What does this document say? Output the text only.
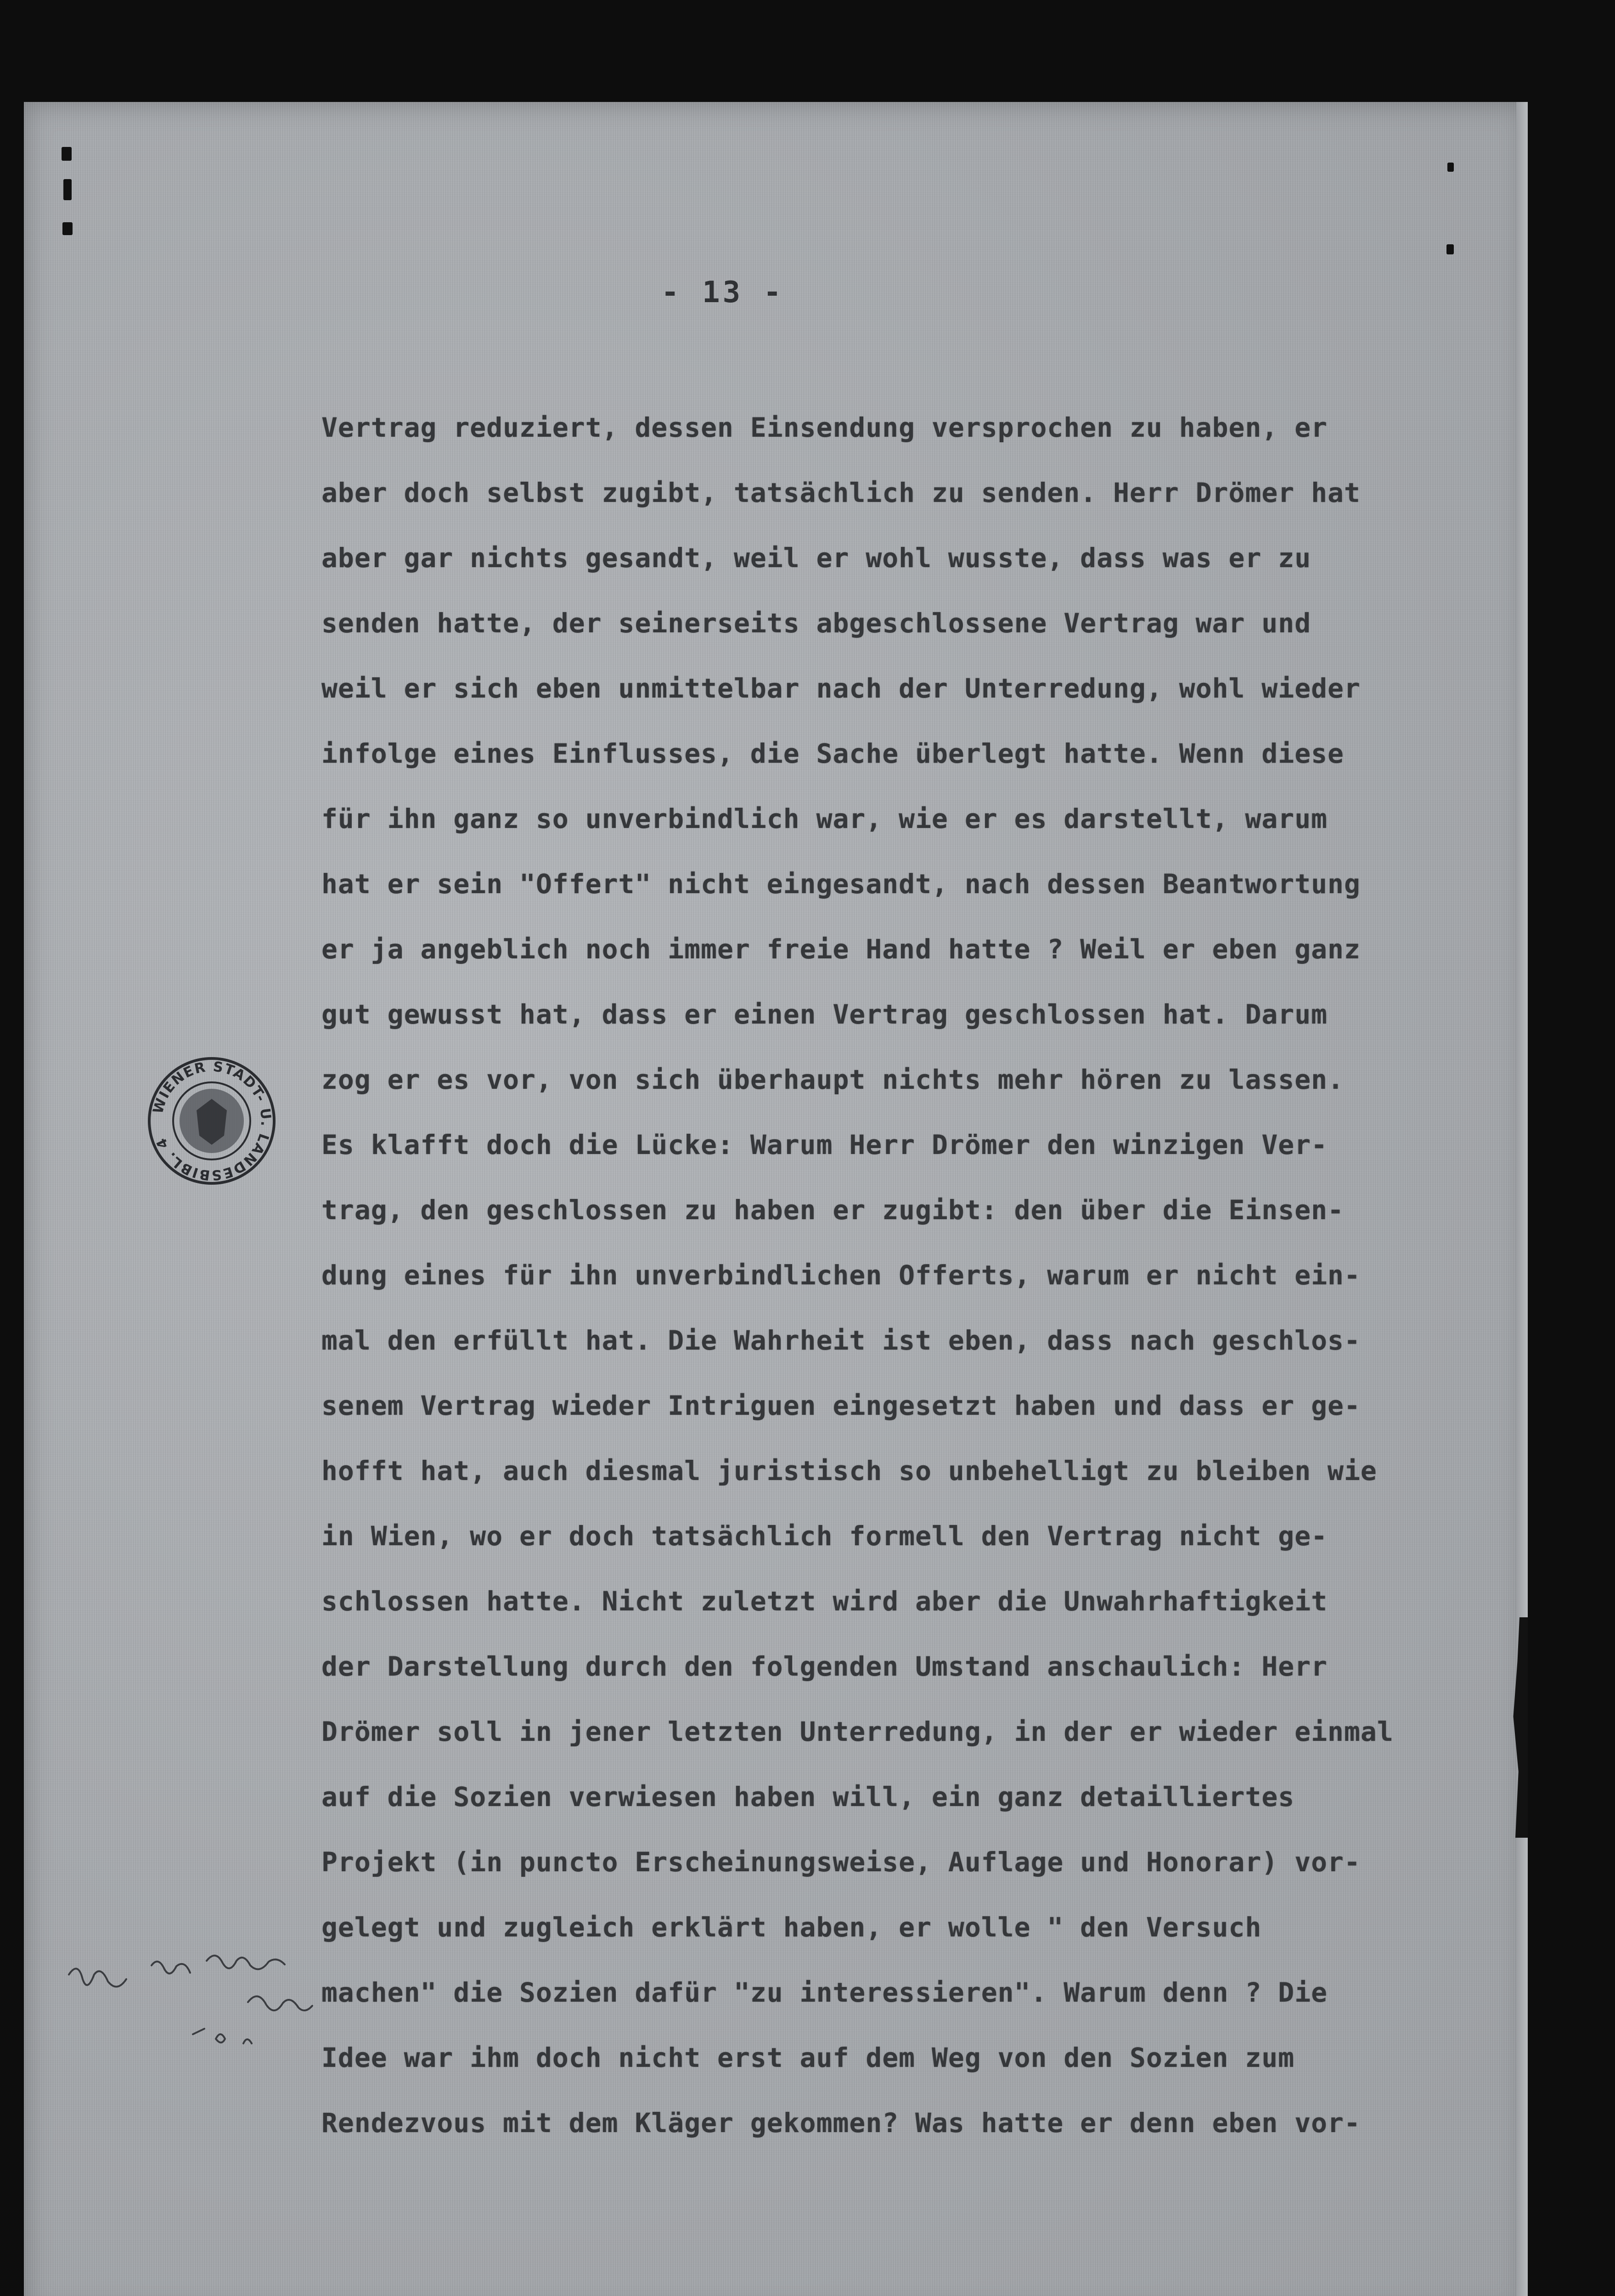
- 13 -
Vertrag reduziert, dessen Einsendung versprochen zu haben, er
aber doch selbst zugibt, tatsächlich zu senden. Herr Drömer hat
aber gar nichts gesandt, weil er wohl wusste, dass was er zu
senden hatte, der seinerseits abgeschlossene Vertrag war und
weil er sich eben unmittelbar nach der Unterredung, wohl wieder
infolge eines Einflusses, die Sache überlegt hatte. Wenn diese
für ihn ganz so unverbindlich war, wie er es darstellt, warum
hat er sein "Offert" nicht eingesandt, nach dessen Beantwortung
er ja angeblich noch immer freie Hand hatte ? Weil er eben ganz
gut gewusst hat, dass er einen Vertrag geschlossen hat. Darum
zog er es vor, von sich überhaupt nichts mehr hören zu lassen.
Es klafft doch die Lücke: Warum Herr Drömer den winzigen Ver-
trag, den geschlossen zu haben er zugibt: den über die Einsen-
dung eines für ihn unverbindlichen Offerts, warum er nicht ein-
mal den erfüllt hat. Die Wahrheit ist eben, dass nach geschlos-
senem Vertrag wieder Intriguen eingesetzt haben und dass er ge-
hofft hat, auch diesmal juristisch so unbehelligt zu bleiben wie
in Wien, wo er doch tatsächlich formell den Vertrag nicht ge-
schlossen hatte. Nicht zuletzt wird aber die Unwahrhaftigkeit
der Darstellung durch den folgenden Umstand anschaulich: Herr
Drömer soll in jener letzten Unterredung, in der er wieder einmal
auf die Sozien verwiesen haben will, ein ganz detailliertes
Projekt (in puncto Erscheinungsweise, Auflage und Honorar) vor-
gelegt und zugleich erklärt haben, er wolle " den Versuch
machen" die Sozien dafür "zu interessieren". Warum denn ? Die
Idee war ihm doch nicht erst auf dem Weg von den Sozien zum
Rendezvous mit dem Kläger gekommen? Was hatte er denn eben vor-
WIENER STADT- U. LANDESBIBL. 4
